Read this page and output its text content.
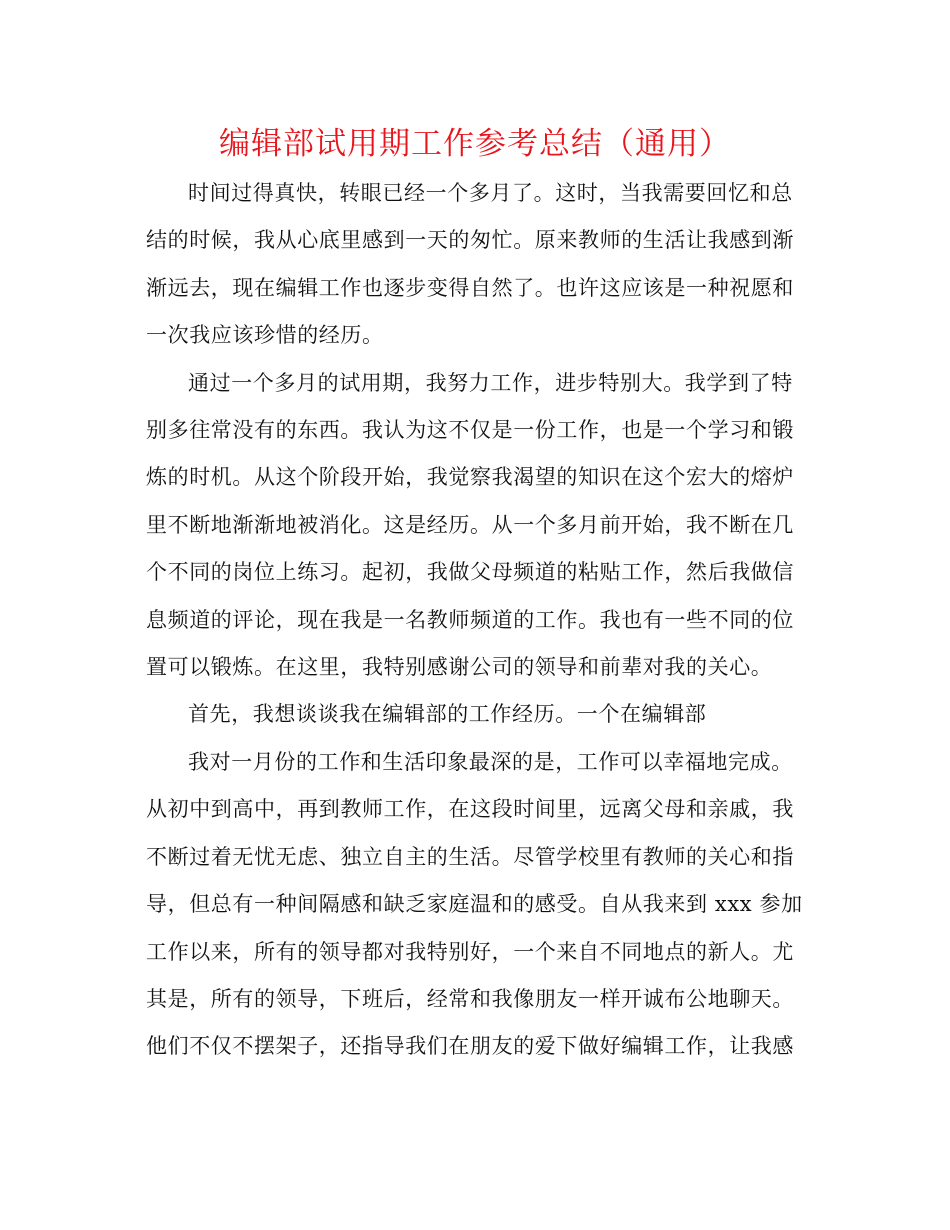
编辑部试用期工作参考总结（通用）

时间过得真快，转眼已经一个多月了。这时，当我需要回忆和总
结的时候，我从心底里感到一天的匆忙。原来教师的生活让我感到渐
渐远去，现在编辑工作也逐步变得自然了。也许这应该是一种祝愿和
一次我应该珍惜的经历。

通过一个多月的试用期，我努力工作，进步特别大。我学到了特
别多往常没有的东西。我认为这不仅是一份工作，也是一个学习和锻
炼的时机。从这个阶段开始，我觉察我渴望的知识在这个宏大的熔炉
里不断地渐渐地被消化。这是经历。从一个多月前开始，我不断在几
个不同的岗位上练习。起初，我做父母频道的粘贴工作，然后我做信
息频道的评论，现在我是一名教师频道的工作。我也有一些不同的位
置可以锻炼。在这里，我特别感谢公司的领导和前辈对我的关心。

首先，我想谈谈我在编辑部的工作经历。一个在编辑部

我对一月份的工作和生活印象最深的是，工作可以幸福地完成。
从初中到高中，再到教师工作，在这段时间里，远离父母和亲戚，我
不断过着无忧无虑、独立自主的生活。尽管学校里有教师的关心和指
导，但总有一种间隔感和缺乏家庭温和的感受。自从我来到 xxx 参加
工作以来，所有的领导都对我特别好，一个来自不同地点的新人。尤
其是，所有的领导，下班后，经常和我像朋友一样开诚布公地聊天。
他们不仅不摆架子，还指导我们在朋友的爱下做好编辑工作，让我感
